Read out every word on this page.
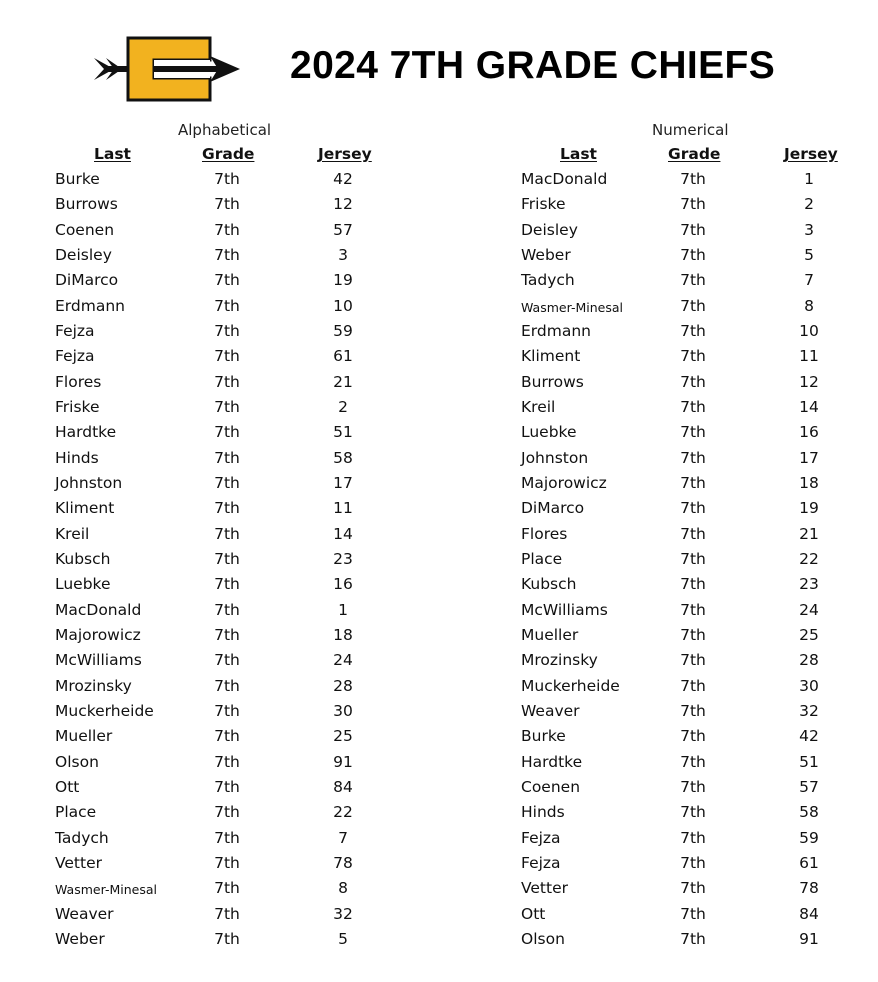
2024 7TH GRADE CHIEFS
Alphabetical
Last	Grade	Jersey
Burke	7th	42
Burrows	7th	12
Coenen	7th	57
Deisley	7th	3
DiMarco	7th	19
Erdmann	7th	10
Fejza	7th	59
Fejza	7th	61
Flores	7th	21
Friske	7th	2
Hardtke	7th	51
Hinds	7th	58
Johnston	7th	17
Kliment	7th	11
Kreil	7th	14
Kubsch	7th	23
Luebke	7th	16
MacDonald	7th	1
Majorowicz	7th	18
McWilliams	7th	24
Mrozinsky	7th	28
Muckerheide	7th	30
Mueller	7th	25
Olson	7th	91
Ott	7th	84
Place	7th	22
Tadych	7th	7
Vetter	7th	78
Wasmer-Minesal	7th	8
Weaver	7th	32
Weber	7th	5
Numerical
Last	Grade	Jersey
MacDonald	7th	1
Friske	7th	2
Deisley	7th	3
Weber	7th	5
Tadych	7th	7
Wasmer-Minesal	7th	8
Erdmann	7th	10
Kliment	7th	11
Burrows	7th	12
Kreil	7th	14
Luebke	7th	16
Johnston	7th	17
Majorowicz	7th	18
DiMarco	7th	19
Flores	7th	21
Place	7th	22
Kubsch	7th	23
McWilliams	7th	24
Mueller	7th	25
Mrozinsky	7th	28
Muckerheide	7th	30
Weaver	7th	32
Burke	7th	42
Hardtke	7th	51
Coenen	7th	57
Hinds	7th	58
Fejza	7th	59
Fejza	7th	61
Vetter	7th	78
Ott	7th	84
Olson	7th	91
